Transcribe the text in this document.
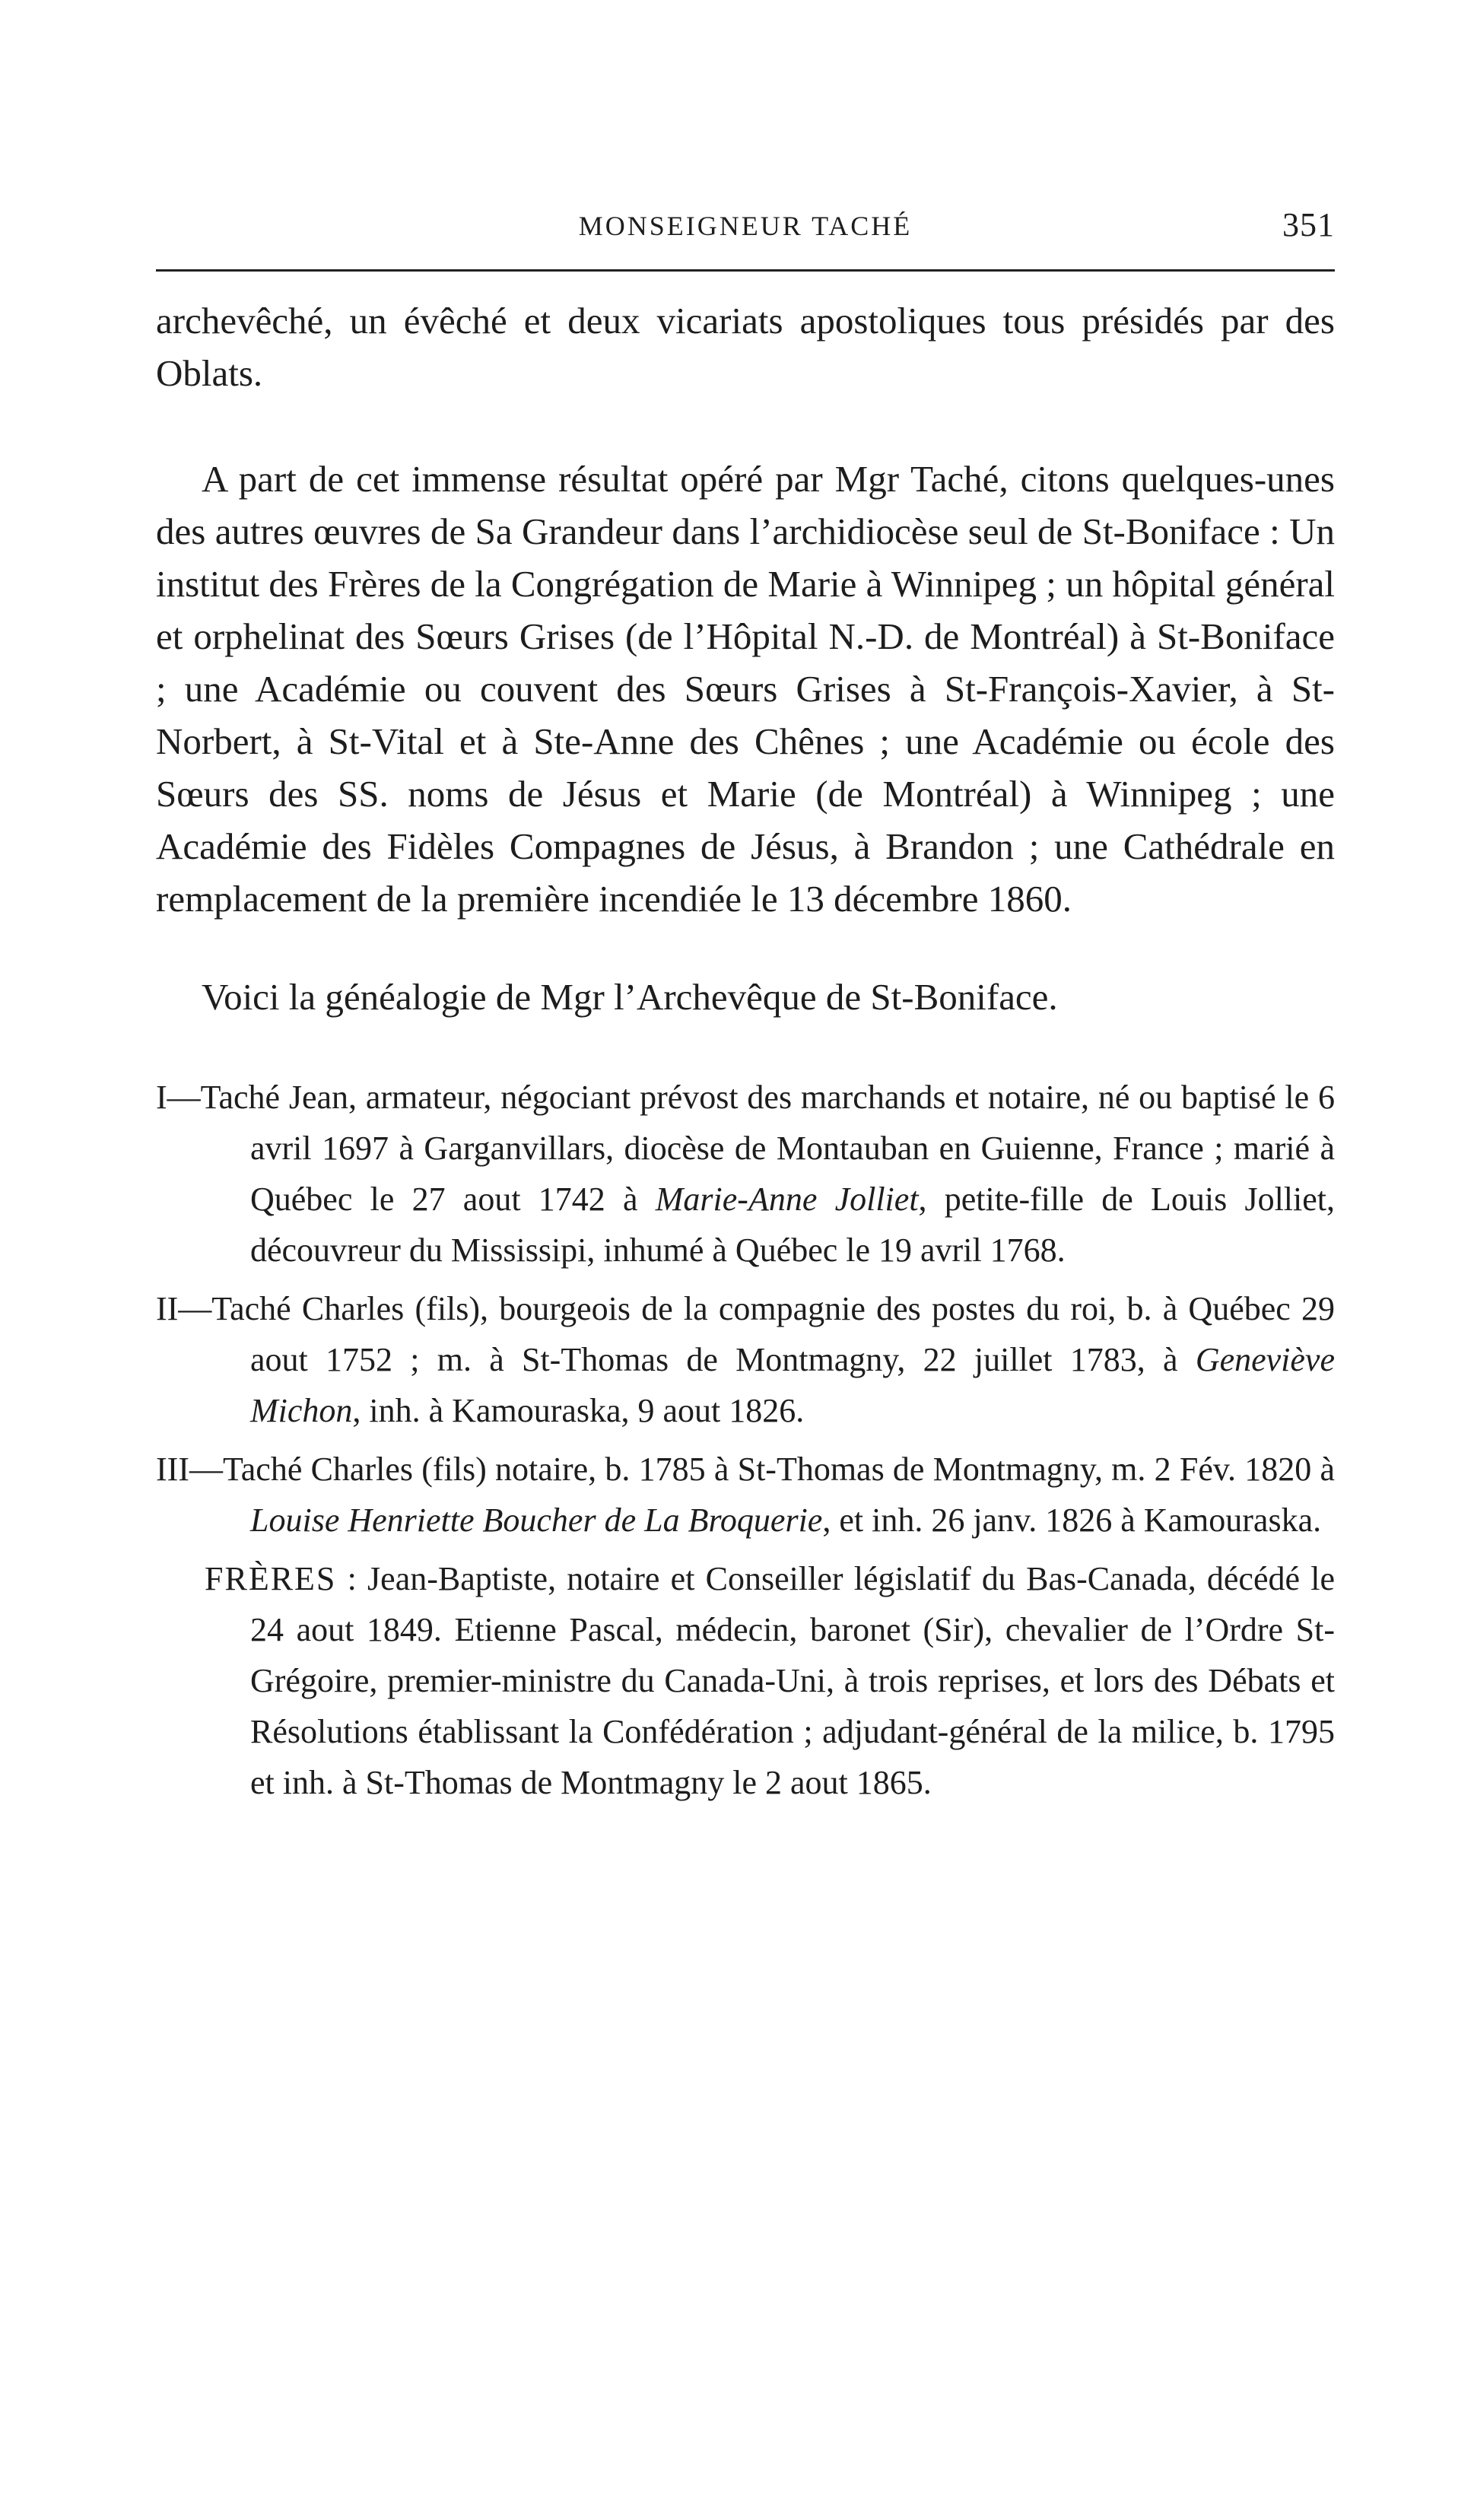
MONSEIGNEUR TACHÉ	351

archevêché, un évêché et deux vicariats apostoliques tous présidés par des Oblats.

A part de cet immense résultat opéré par Mgr Taché, citons quelques-unes des autres œuvres de Sa Grandeur dans l’archidiocèse seul de St-Boniface : Un institut des Frères de la Congrégation de Marie à Winnipeg ; un hôpital général et orphelinat des Sœurs Grises (de l’Hôpital N.-D. de Montréal) à St-Boniface ; une Académie ou couvent des Sœurs Grises à St-François-Xavier, à St-Norbert, à St-Vital et à Ste-Anne des Chênes ; une Académie ou école des Sœurs des SS. noms de Jésus et Marie (de Montréal) à Winnipeg ; une Académie des Fidèles Compagnes de Jésus, à Brandon ; une Cathédrale en remplacement de la première incendiée le 13 décembre 1860.

Voici la généalogie de Mgr l’Archevêque de St-Boniface.

I—Taché Jean, armateur, négociant prévost des marchands et notaire, né ou baptisé le 6 avril 1697 à Garganvillars, diocèse de Montauban en Guienne, France ; marié à Québec le 27 aout 1742 à Marie-Anne Jolliet, petite-fille de Louis Jolliet, découvreur du Mississipi, inhumé à Québec le 19 avril 1768.

II—Taché Charles (fils), bourgeois de la compagnie des postes du roi, b. à Québec 29 aout 1752 ; m. à St-Thomas de Montmagny, 22 juillet 1783, à Geneviève Michon, inh. à Kamouraska, 9 aout 1826.

III—Taché Charles (fils) notaire, b. 1785 à St-Thomas de Montmagny, m. 2 Fév. 1820 à Louise Henriette Boucher de La Broquerie, et inh. 26 janv. 1826 à Kamouraska.

FRÈRES : Jean-Baptiste, notaire et Conseiller législatif du Bas-Canada, décédé le 24 aout 1849. Etienne Pascal, médecin, baronet (Sir), chevalier de l’Ordre St-Grégoire, premier-ministre du Canada-Uni, à trois reprises, et lors des Débats et Résolutions établissant la Confédération ; adjudant-général de la milice, b. 1795 et inh. à St-Thomas de Montmagny le 2 aout 1865.
